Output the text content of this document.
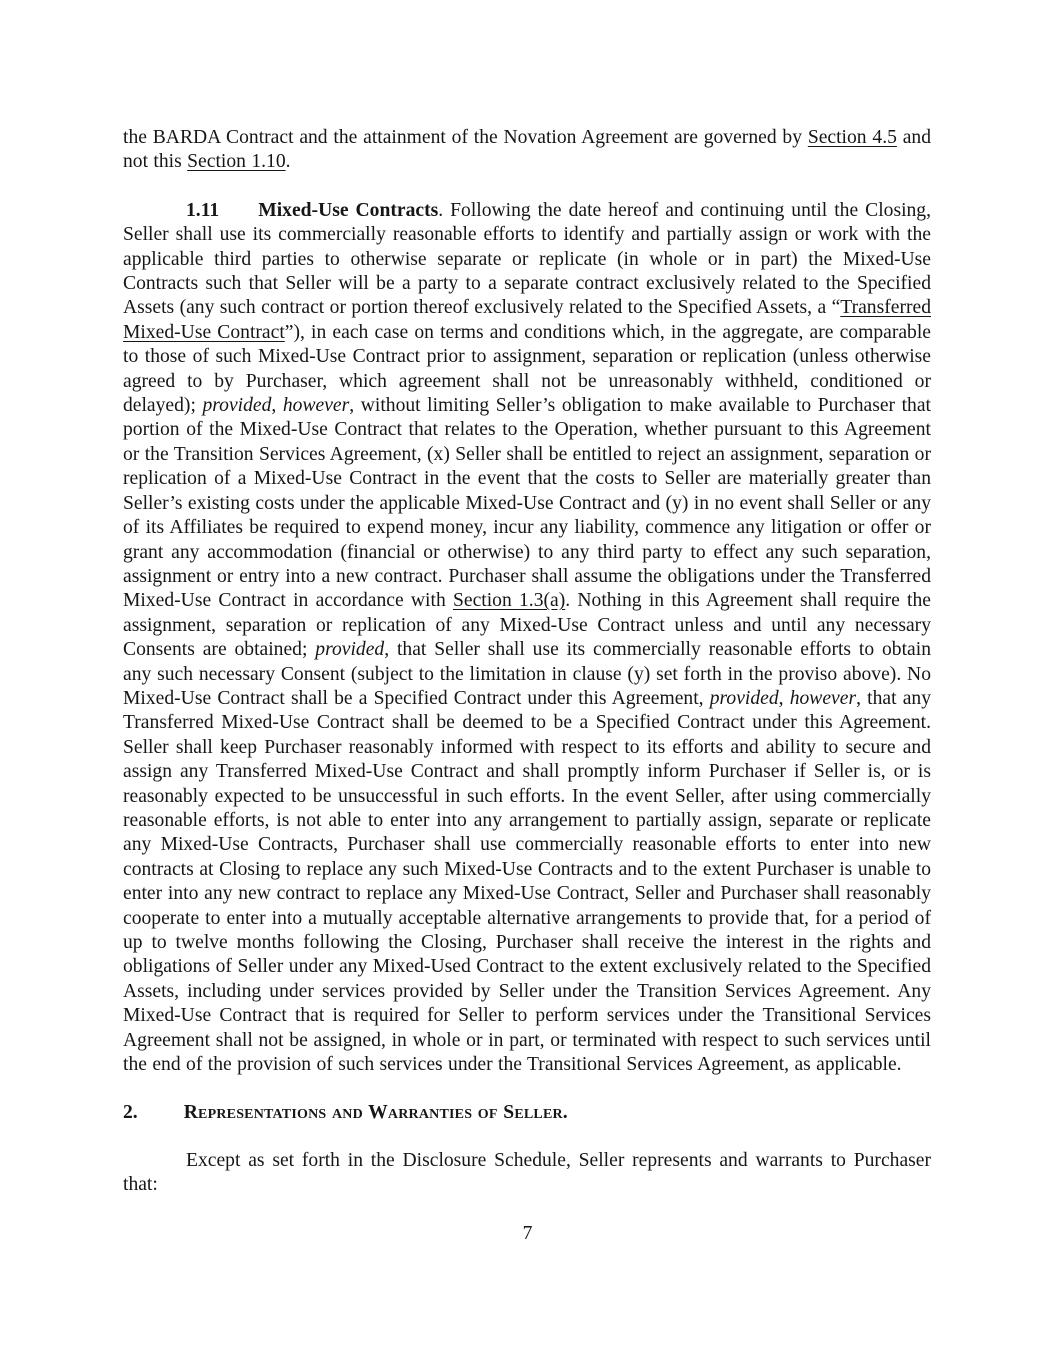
the BARDA Contract and the attainment of the Novation Agreement are governed by Section 4.5 and not this Section 1.10.

1.11 Mixed-Use Contracts. Following the date hereof and continuing until the Closing, Seller shall use its commercially reasonable efforts to identify and partially assign or work with the applicable third parties to otherwise separate or replicate (in whole or in part) the Mixed-Use Contracts such that Seller will be a party to a separate contract exclusively related to the Specified Assets (any such contract or portion thereof exclusively related to the Specified Assets, a “Transferred Mixed-Use Contract”), in each case on terms and conditions which, in the aggregate, are comparable to those of such Mixed-Use Contract prior to assignment, separation or replication (unless otherwise agreed to by Purchaser, which agreement shall not be unreasonably withheld, conditioned or delayed); provided, however, without limiting Seller’s obligation to make available to Purchaser that portion of the Mixed-Use Contract that relates to the Operation, whether pursuant to this Agreement or the Transition Services Agreement, (x) Seller shall be entitled to reject an assignment, separation or replication of a Mixed-Use Contract in the event that the costs to Seller are materially greater than Seller’s existing costs under the applicable Mixed-Use Contract and (y) in no event shall Seller or any of its Affiliates be required to expend money, incur any liability, commence any litigation or offer or grant any accommodation (financial or otherwise) to any third party to effect any such separation, assignment or entry into a new contract. Purchaser shall assume the obligations under the Transferred Mixed-Use Contract in accordance with Section 1.3(a). Nothing in this Agreement shall require the assignment, separation or replication of any Mixed-Use Contract unless and until any necessary Consents are obtained; provided, that Seller shall use its commercially reasonable efforts to obtain any such necessary Consent (subject to the limitation in clause (y) set forth in the proviso above). No Mixed-Use Contract shall be a Specified Contract under this Agreement, provided, however, that any Transferred Mixed-Use Contract shall be deemed to be a Specified Contract under this Agreement. Seller shall keep Purchaser reasonably informed with respect to its efforts and ability to secure and assign any Transferred Mixed-Use Contract and shall promptly inform Purchaser if Seller is, or is reasonably expected to be unsuccessful in such efforts. In the event Seller, after using commercially reasonable efforts, is not able to enter into any arrangement to partially assign, separate or replicate any Mixed-Use Contracts, Purchaser shall use commercially reasonable efforts to enter into new contracts at Closing to replace any such Mixed-Use Contracts and to the extent Purchaser is unable to enter into any new contract to replace any Mixed-Use Contract, Seller and Purchaser shall reasonably cooperate to enter into a mutually acceptable alternative arrangements to provide that, for a period of up to twelve months following the Closing, Purchaser shall receive the interest in the rights and obligations of Seller under any Mixed-Used Contract to the extent exclusively related to the Specified Assets, including under services provided by Seller under the Transition Services Agreement. Any Mixed-Use Contract that is required for Seller to perform services under the Transitional Services Agreement shall not be assigned, in whole or in part, or terminated with respect to such services until the end of the provision of such services under the Transitional Services Agreement, as applicable.

2. Representations and Warranties of Seller.

Except as set forth in the Disclosure Schedule, Seller represents and warrants to Purchaser that:

7
